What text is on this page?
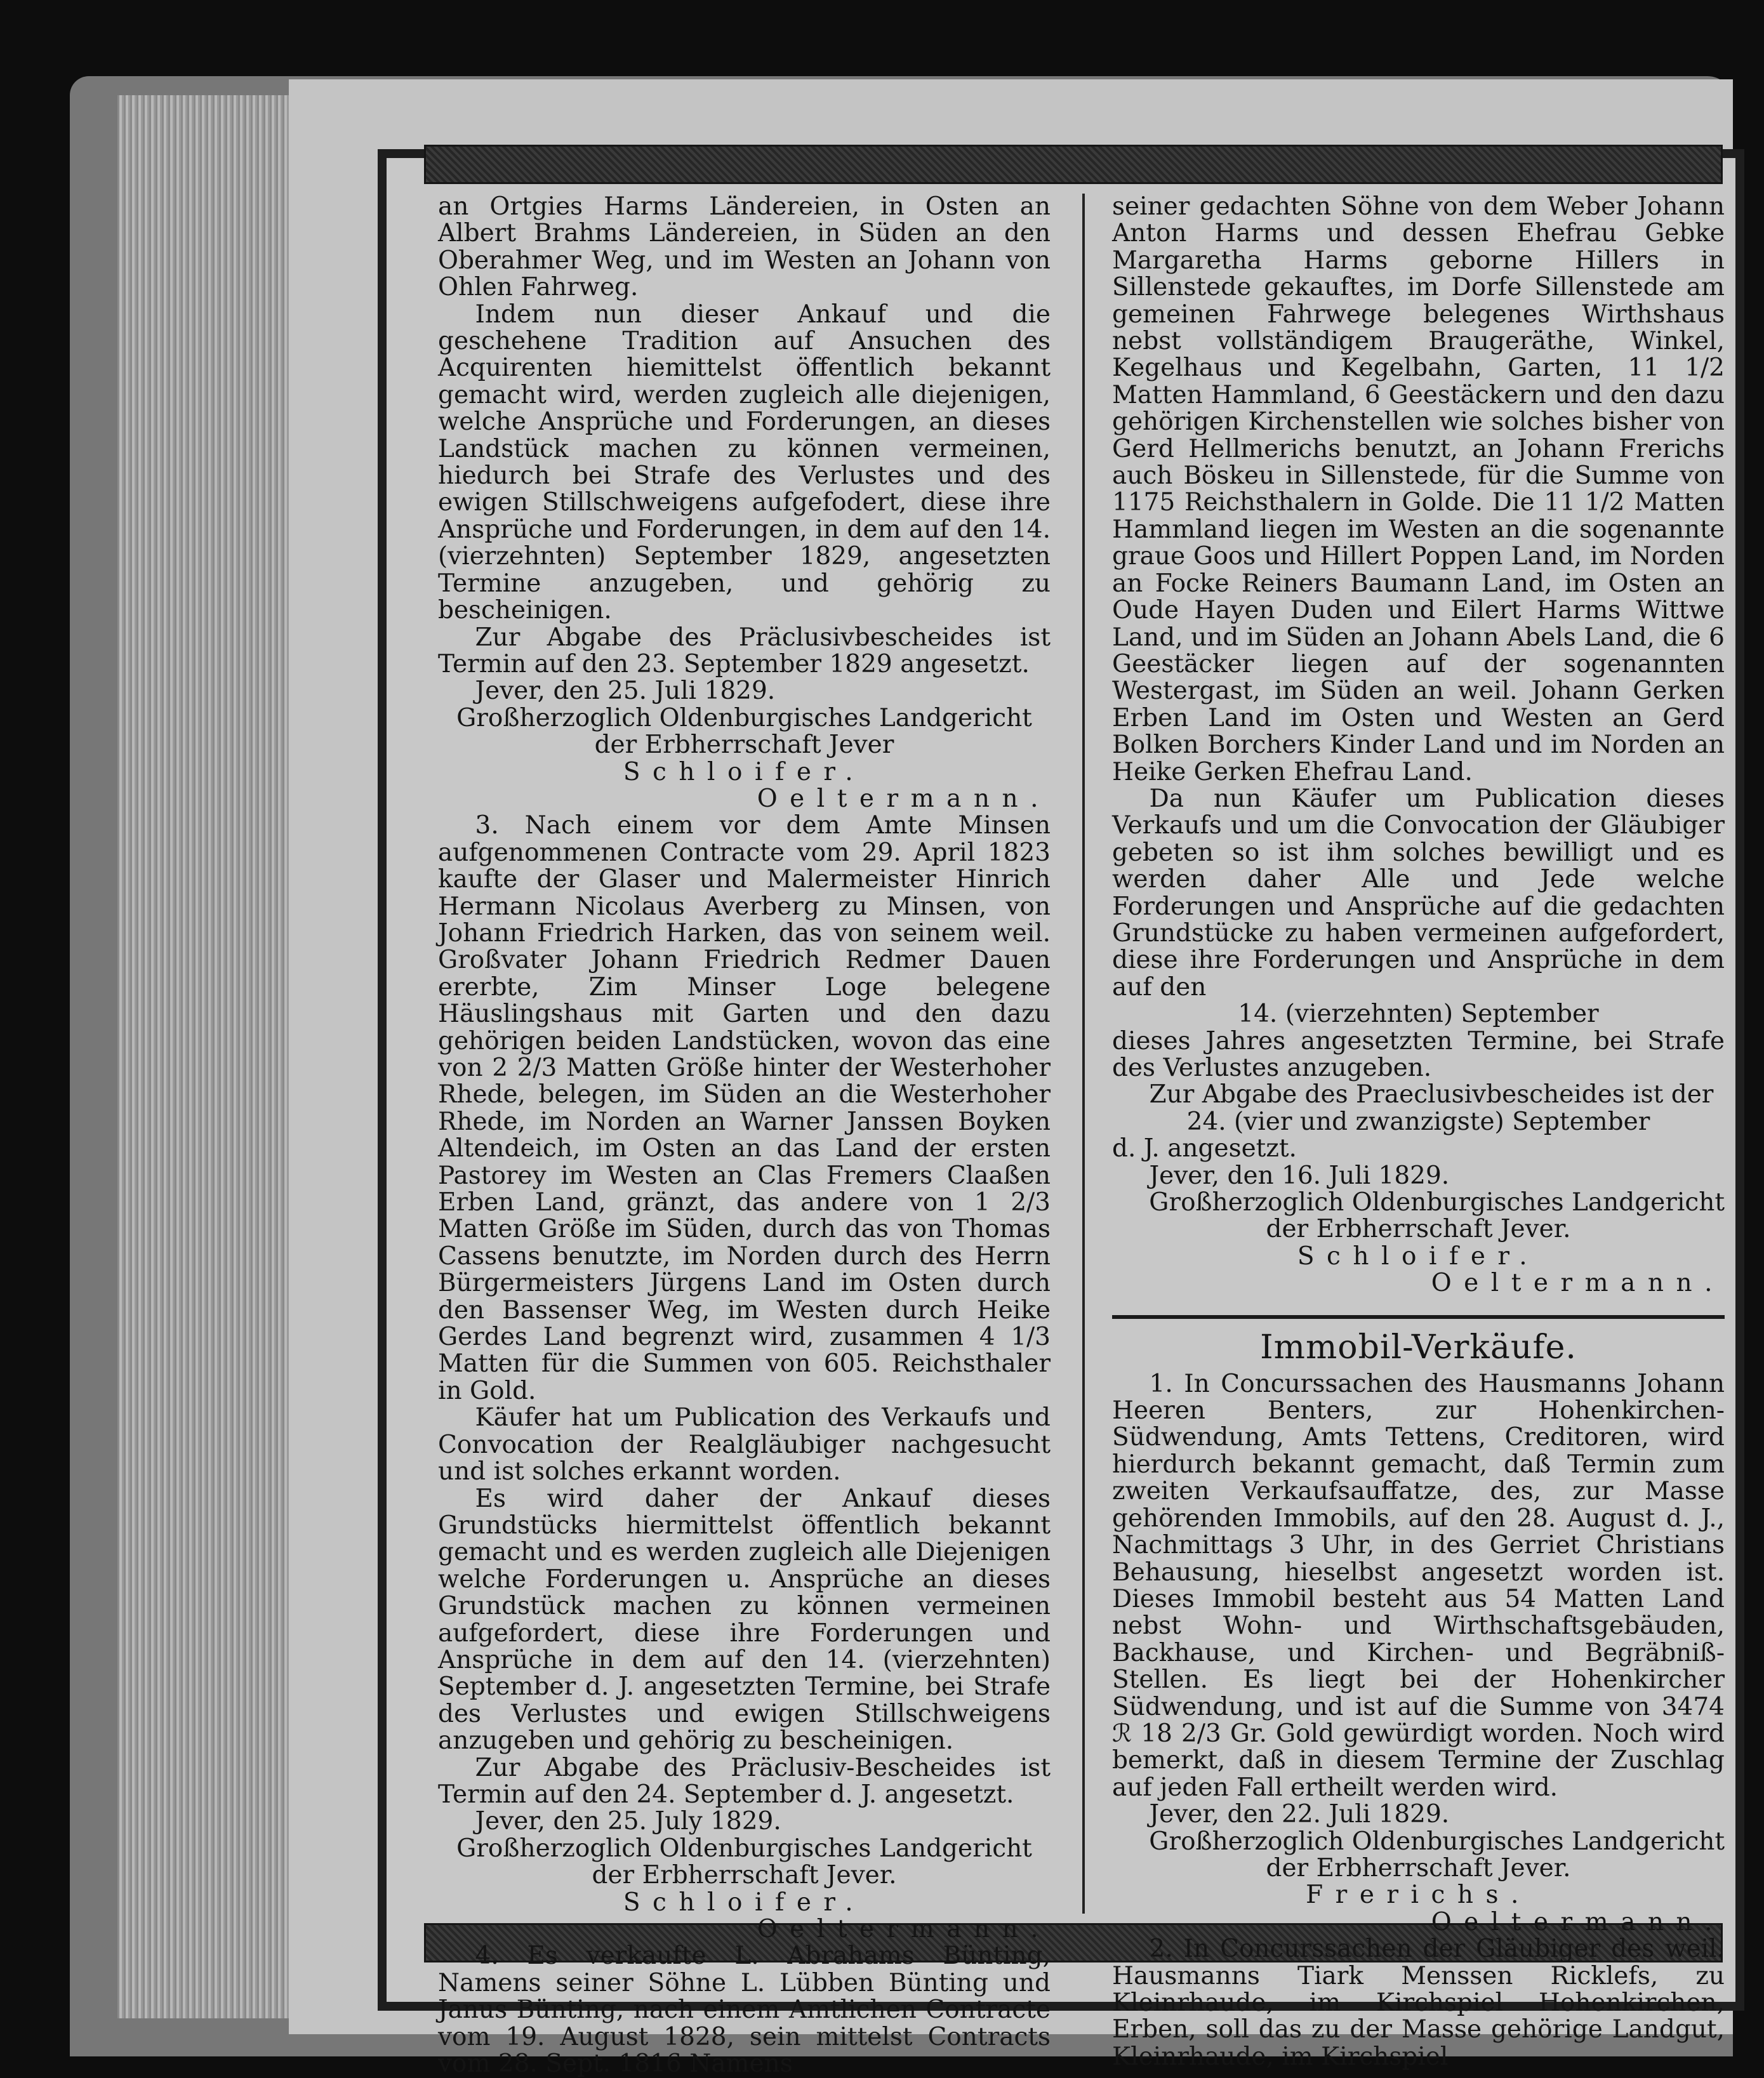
an Ortgies Harms Ländereien, in Osten an Albert Brahms Ländereien, in Süden an den Oberahmer Weg, und im Westen an Johann von Ohlen Fahrweg.

Indem nun dieser Ankauf und die geschehene Tradition auf Ansuchen des Acquirenten hiemittelst öffentlich bekannt gemacht wird, werden zugleich alle diejenigen, welche Ansprüche und Forderungen, an dieses Landstück machen zu können vermeinen, hiedurch bei Strafe des Verlustes und des ewigen Stillschweigens aufgefodert, diese ihre Ansprüche und Forderungen, in dem auf den 14. (vierzehnten) September 1829, angesetzten Termine anzugeben, und gehörig zu bescheinigen.

Zur Abgabe des Präclusivbescheides ist Termin auf den 23. September 1829 angesetzt.

Jever, den 25. Juli 1829.

Großherzoglich Oldenburgisches Landgericht

der Erbherrschaft Jever

Schloifer.

Oeltermann.

3. Nach einem vor dem Amte Minsen aufgenommenen Contracte vom 29. April 1823 kaufte der Glaser und Malermeister Hinrich Hermann Nicolaus Averberg zu Minsen, von Johann Friedrich Harken, das von seinem weil. Großvater Johann Friedrich Redmer Dauen ererbte, Zim Minser Loge belegene Häuslingshaus mit Garten und den dazu gehörigen beiden Landstücken, wovon das eine von 2 2/3 Matten Größe hinter der Westerhoher Rhede, belegen, im Süden an die Westerhoher Rhede, im Norden an Warner Janssen Boyken Altendeich, im Osten an das Land der ersten Pastorey im Westen an Clas Fremers Claaßen Erben Land, gränzt, das andere von 1 2/3 Matten Größe im Süden, durch das von Thomas Cassens benutzte, im Norden durch des Herrn Bürgermeisters Jürgens Land im Osten durch den Bassenser Weg, im Westen durch Heike Gerdes Land begrenzt wird, zusammen 4 1/3 Matten für die Summen von 605. Reichsthaler in Gold.

Käufer hat um Publication des Verkaufs und Convocation der Realgläubiger nachgesucht und ist solches erkannt worden.

Es wird daher der Ankauf dieses Grundstücks hiermittelst öffentlich bekannt gemacht und es werden zugleich alle Diejenigen welche Forderungen u. Ansprüche an dieses Grundstück machen zu können vermeinen aufgefordert, diese ihre Forderungen und Ansprüche in dem auf den 14. (vierzehnten) September d. J. angesetzten Termine, bei Strafe des Verlustes und ewigen Stillschweigens anzugeben und gehörig zu bescheinigen.

Zur Abgabe des Präclusiv-Bescheides ist Termin auf den 24. September d. J. angesetzt.

Jever, den 25. July 1829.

Großherzoglich Oldenburgisches Landgericht der Erbherrschaft Jever.

Schloifer.

Oeltermann.

4. Es verkaufte L. Abrahams Bünting, Namens seiner Söhne L. Lübben Bünting und Janus Bünting, nach einem Amtlichen Contracte vom 19. August 1828, sein mittelst Contracts vom 28. Sept. 1816 Namens

seiner gedachten Söhne von dem Weber Johann Anton Harms und dessen Ehefrau Gebke Margaretha Harms geborne Hillers in Sillenstede gekauftes, im Dorfe Sillenstede am gemeinen Fahrwege belegenes Wirthshaus nebst vollständigem Braugeräthe, Winkel, Kegelhaus und Kegelbahn, Garten, 11 1/2 Matten Hammland, 6 Geestäckern und den dazu gehörigen Kirchenstellen wie solches bisher von Gerd Hellmerichs benutzt, an Johann Frerichs auch Böskeu in Sillenstede, für die Summe von 1175 Reichsthalern in Golde. Die 11 1/2 Matten Hammland liegen im Westen an die sogenannte graue Goos und Hillert Poppen Land, im Norden an Focke Reiners Baumann Land, im Osten an Oude Hayen Duden und Eilert Harms Wittwe Land, und im Süden an Johann Abels Land, die 6 Geestäcker liegen auf der sogenannten Westergast, im Süden an weil. Johann Gerken Erben Land im Osten und Westen an Gerd Bolken Borchers Kinder Land und im Norden an Heike Gerken Ehefrau Land.

Da nun Käufer um Publication dieses Verkaufs und um die Convocation der Gläubiger gebeten so ist ihm solches bewilligt und es werden daher Alle und Jede welche Forderungen und Ansprüche auf die gedachten Grundstücke zu haben vermeinen aufgefordert, diese ihre Forderungen und Ansprüche in dem auf den

14. (vierzehnten) September

dieses Jahres angesetzten Termine, bei Strafe des Verlustes anzugeben.

Zur Abgabe des Praeclusivbescheides ist der

24. (vier und zwanzigste) September

d. J. angesetzt.

Jever, den 16. Juli 1829.

Großherzoglich Oldenburgisches Landgericht

der Erbherrschaft Jever.

Schloifer.

Oeltermann.

Immobil-Verkäufe.

1. In Concurssachen des Hausmanns Johann Heeren Benters, zur Hohenkirchen-Südwendung, Amts Tettens, Creditoren, wird hierdurch bekannt gemacht, daß Termin zum zweiten Verkaufsauffatze, des, zur Masse gehörenden Immobils, auf den 28. August d. J., Nachmittags 3 Uhr, in des Gerriet Christians Behausung, hieselbst angesetzt worden ist. Dieses Immobil besteht aus 54 Matten Land nebst Wohn- und Wirthschaftsgebäuden, Backhause, und Kirchen- und Begräbniß-Stellen. Es liegt bei der Hohenkircher Südwendung, und ist auf die Summe von 3474 ℛ 18 2/3 Gr. Gold gewürdigt worden. Noch wird bemerkt, daß in diesem Termine der Zuschlag auf jeden Fall ertheilt werden wird.

Jever, den 22. Juli 1829.

Großherzoglich Oldenburgisches Landgericht

der Erbherrschaft Jever.

Frerichs.

Oeltermann.

2. In Concurssachen der Gläubiger des weil. Hausmanns Tiark Menssen Ricklefs, zu Kleinrhaude, im Kirchspiel Hohenkirchen, Erben, soll das zu der Masse gehörige Landgut, Kleinrhaude, im Kirchspiel
